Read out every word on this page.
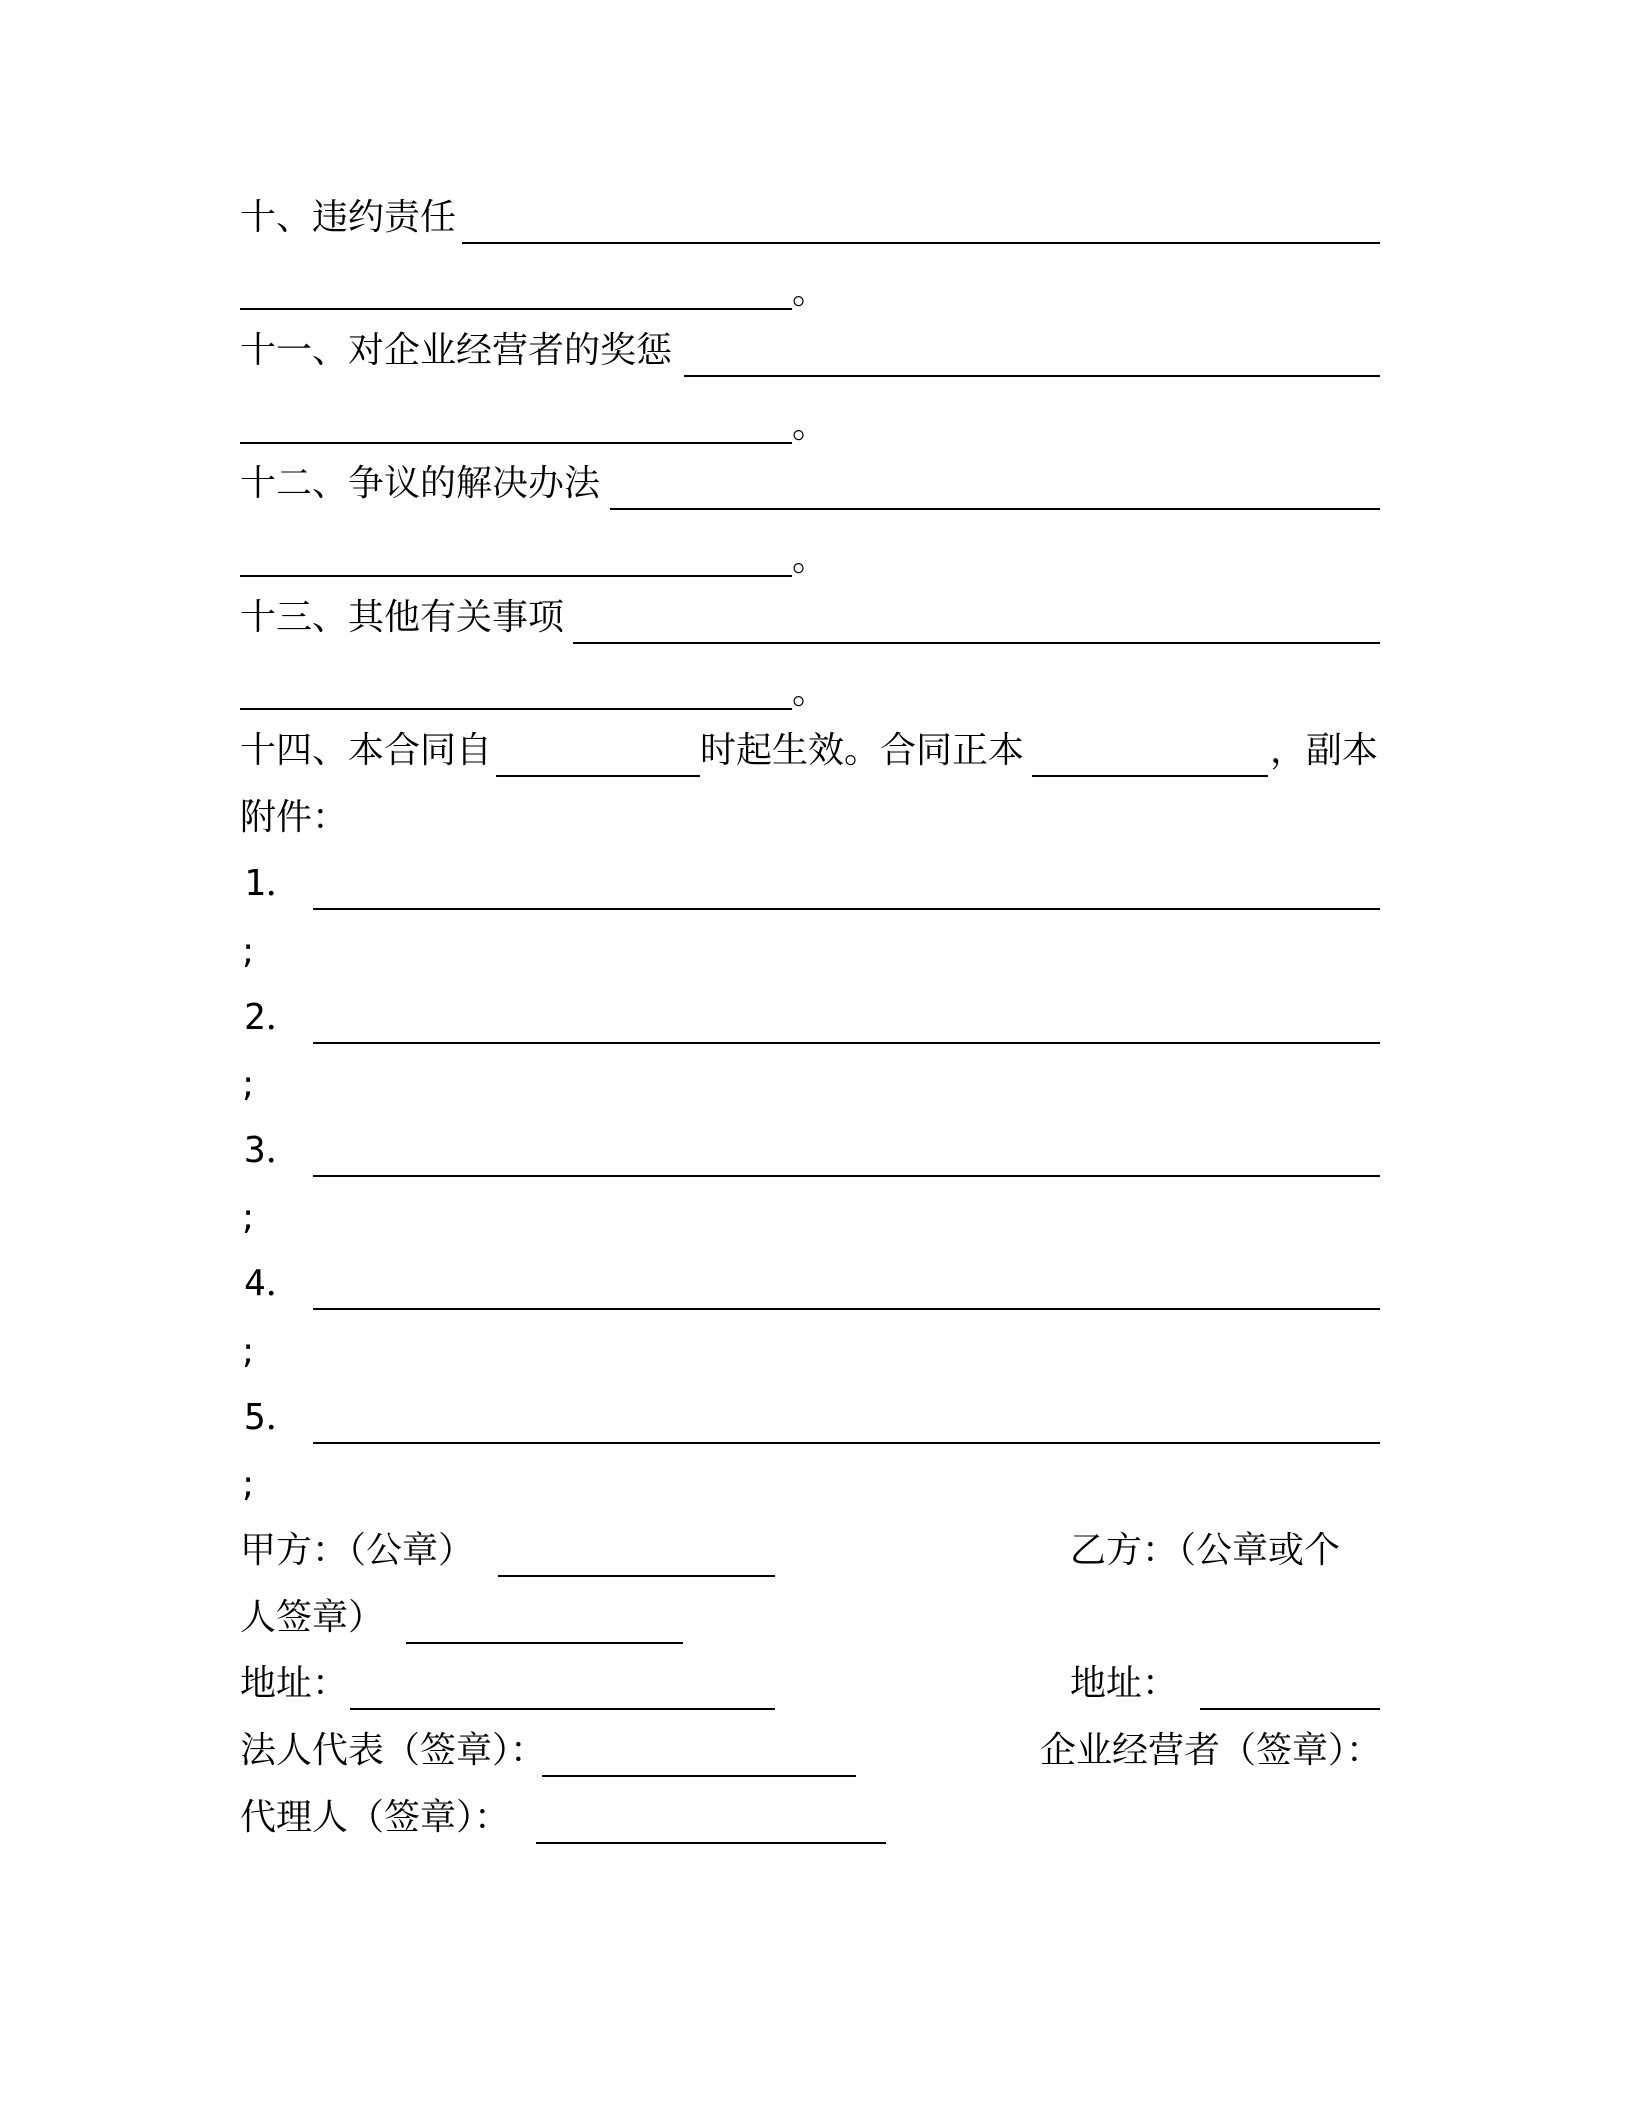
十、违约责任
。
十一、对企业经营者的奖惩
。
十二、争议的解决办法
。
十三、其他有关事项
。
十四、本合同自	时起生效。合同正本	，副本
附件：
1．
;
2．
;
3．
;
4．
;
5．
;
甲方：（公章）	乙方：（公章或个
人签章）
地址：	地址：
法人代表（签章）：	企业经营者（签章）：
代理人（签章）：
